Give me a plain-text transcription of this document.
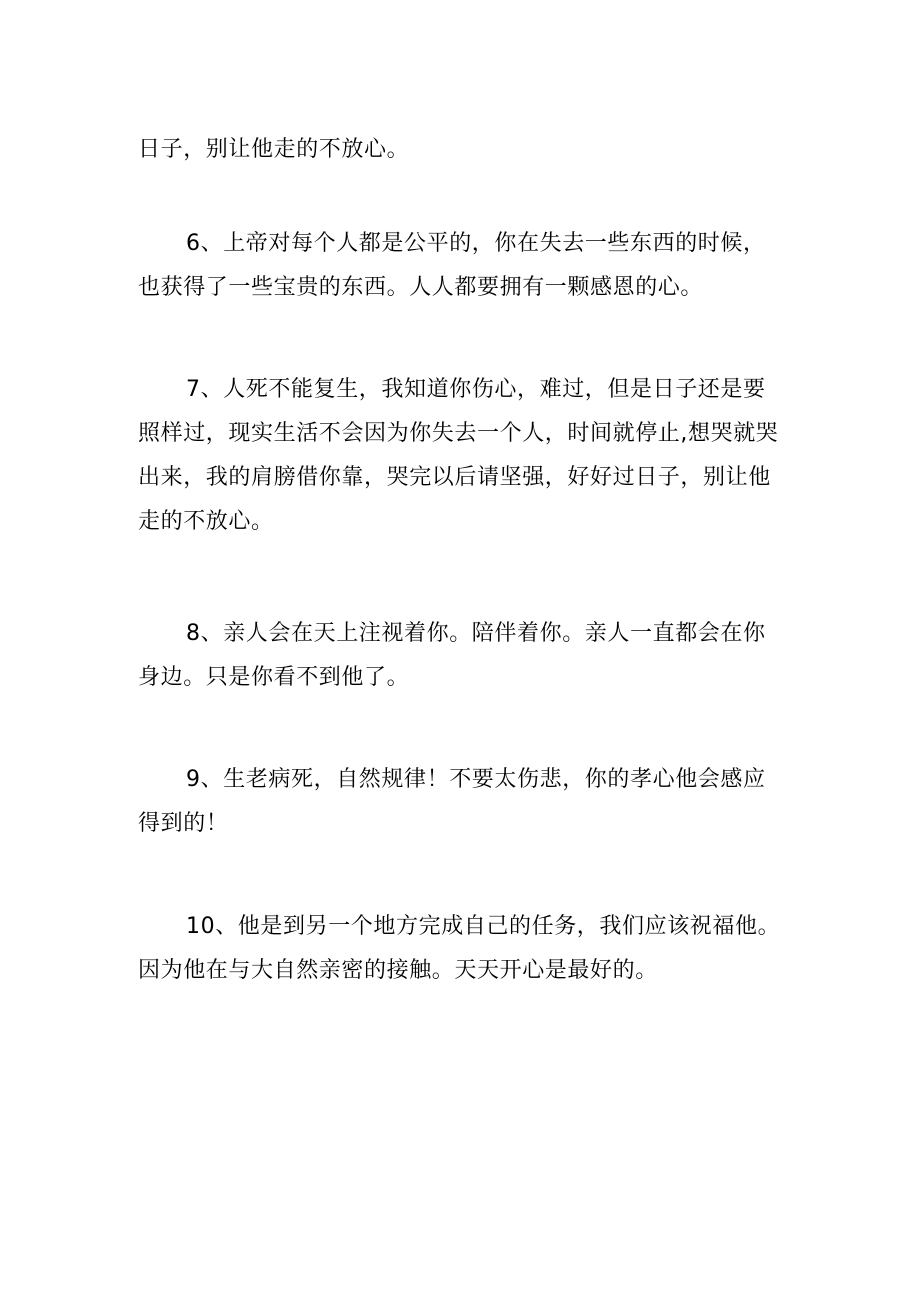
日子，别让他走的不放心。

6、上帝对每个人都是公平的，你在失去一些东西的时候，
也获得了一些宝贵的东西。人人都要拥有一颗感恩的心。

7、人死不能复生，我知道你伤心，难过，但是日子还是要
照样过，现实生活不会因为你失去一个人，时间就停止,想哭就哭
出来，我的肩膀借你靠，哭完以后请坚强，好好过日子，别让他
走的不放心。

8、亲人会在天上注视着你。陪伴着你。亲人一直都会在你
身边。只是你看不到他了。

9、生老病死，自然规律！不要太伤悲，你的孝心他会感应
得到的！

10、他是到另一个地方完成自己的任务，我们应该祝福他。
因为他在与大自然亲密的接触。天天开心是最好的。
